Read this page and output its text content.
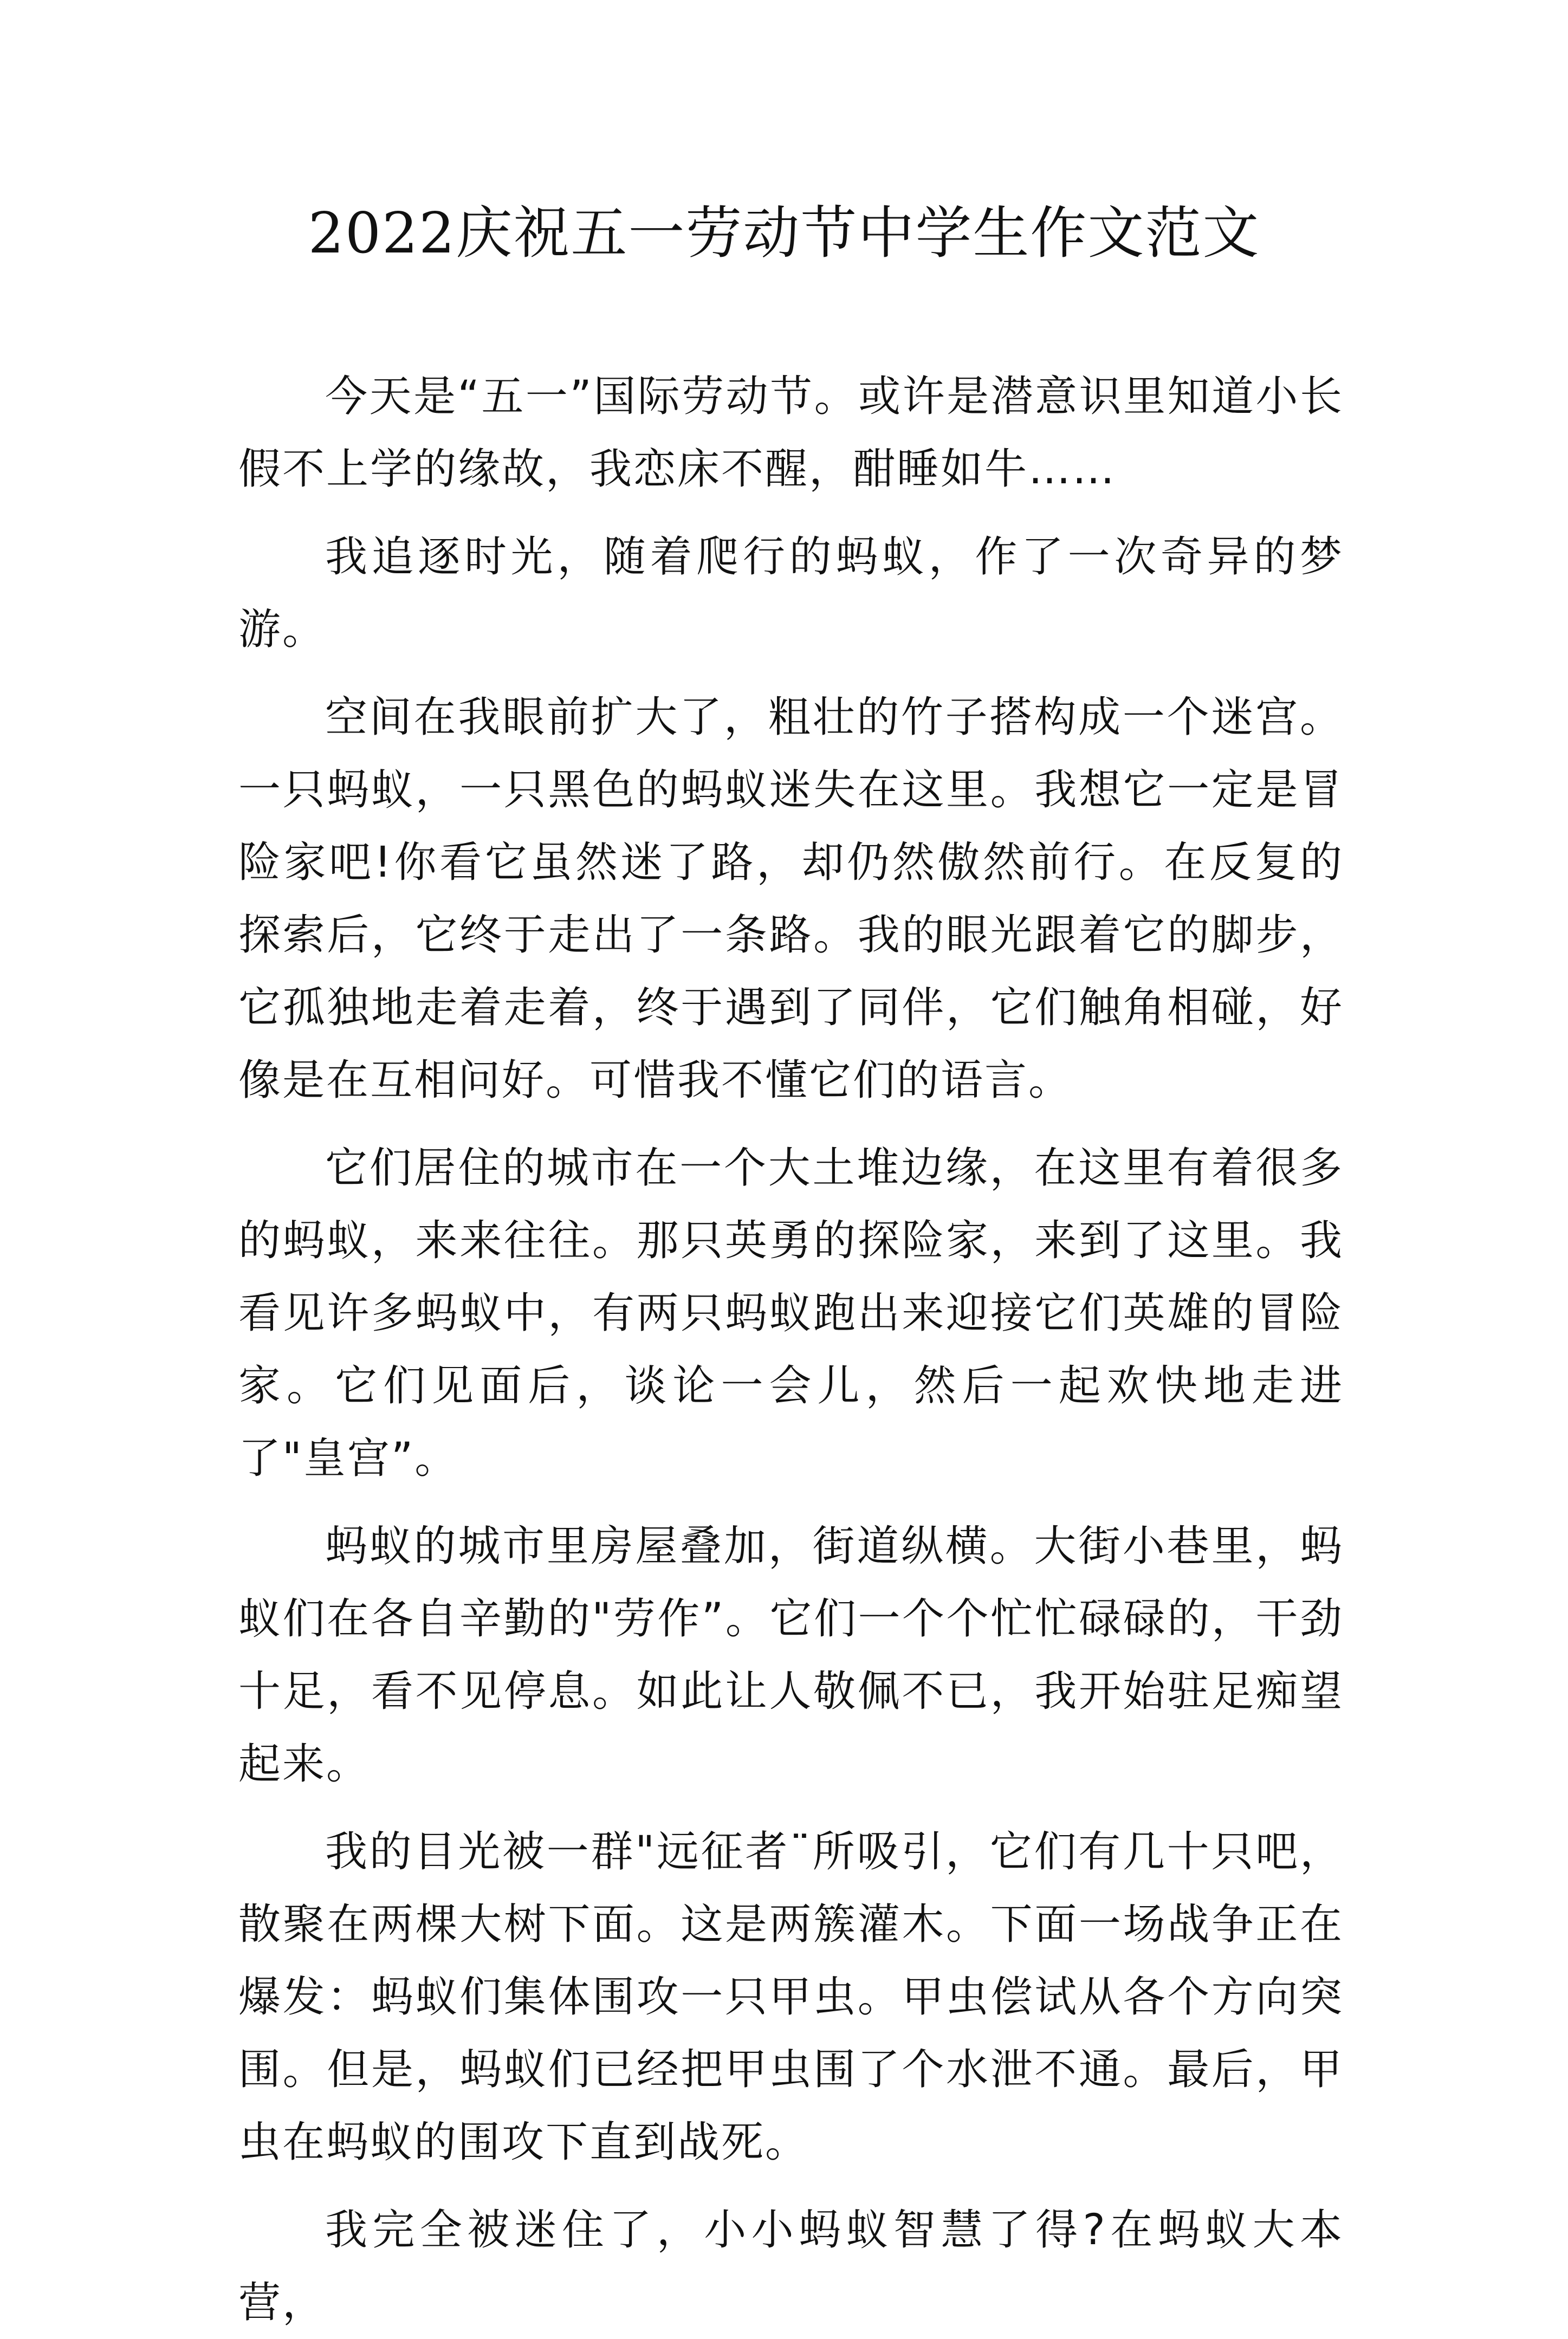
2022庆祝五一劳动节中学生作文范文

今天是“五一”国际劳动节。或许是潜意识里知道小长假不上学的缘故，我恋床不醒，酣睡如牛……

我追逐时光，随着爬行的蚂蚁，作了一次奇异的梦游。

空间在我眼前扩大了，粗壮的竹子搭构成一个迷宫。一只蚂蚁，一只黑色的蚂蚁迷失在这里。我想它一定是冒险家吧!你看它虽然迷了路，却仍然傲然前行。在反复的探索后，它终于走出了一条路。我的眼光跟着它的脚步，它孤独地走着走着，终于遇到了同伴，它们触角相碰，好像是在互相问好。可惜我不懂它们的语言。

它们居住的城市在一个大土堆边缘，在这里有着很多的蚂蚁，来来往往。那只英勇的探险家，来到了这里。我看见许多蚂蚁中，有两只蚂蚁跑出来迎接它们英雄的冒险家。它们见面后，谈论一会儿，然后一起欢快地走进了"皇宫”。

蚂蚁的城市里房屋叠加，街道纵横。大街小巷里，蚂蚁们在各自辛勤的"劳作”。它们一个个忙忙碌碌的，干劲十足，看不见停息。如此让人敬佩不已，我开始驻足痴望起来。

我的目光被一群"远征者¨所吸引，它们有几十只吧，散聚在两棵大树下面。这是两簇灌木。下面一场战争正在爆发：蚂蚁们集体围攻一只甲虫。甲虫偿试从各个方向突围。但是，蚂蚁们已经把甲虫围了个水泄不通。最后，甲虫在蚂蚁的围攻下直到战死。

我完全被迷住了，小小蚂蚁智慧了得?在蚂蚁大本营，
